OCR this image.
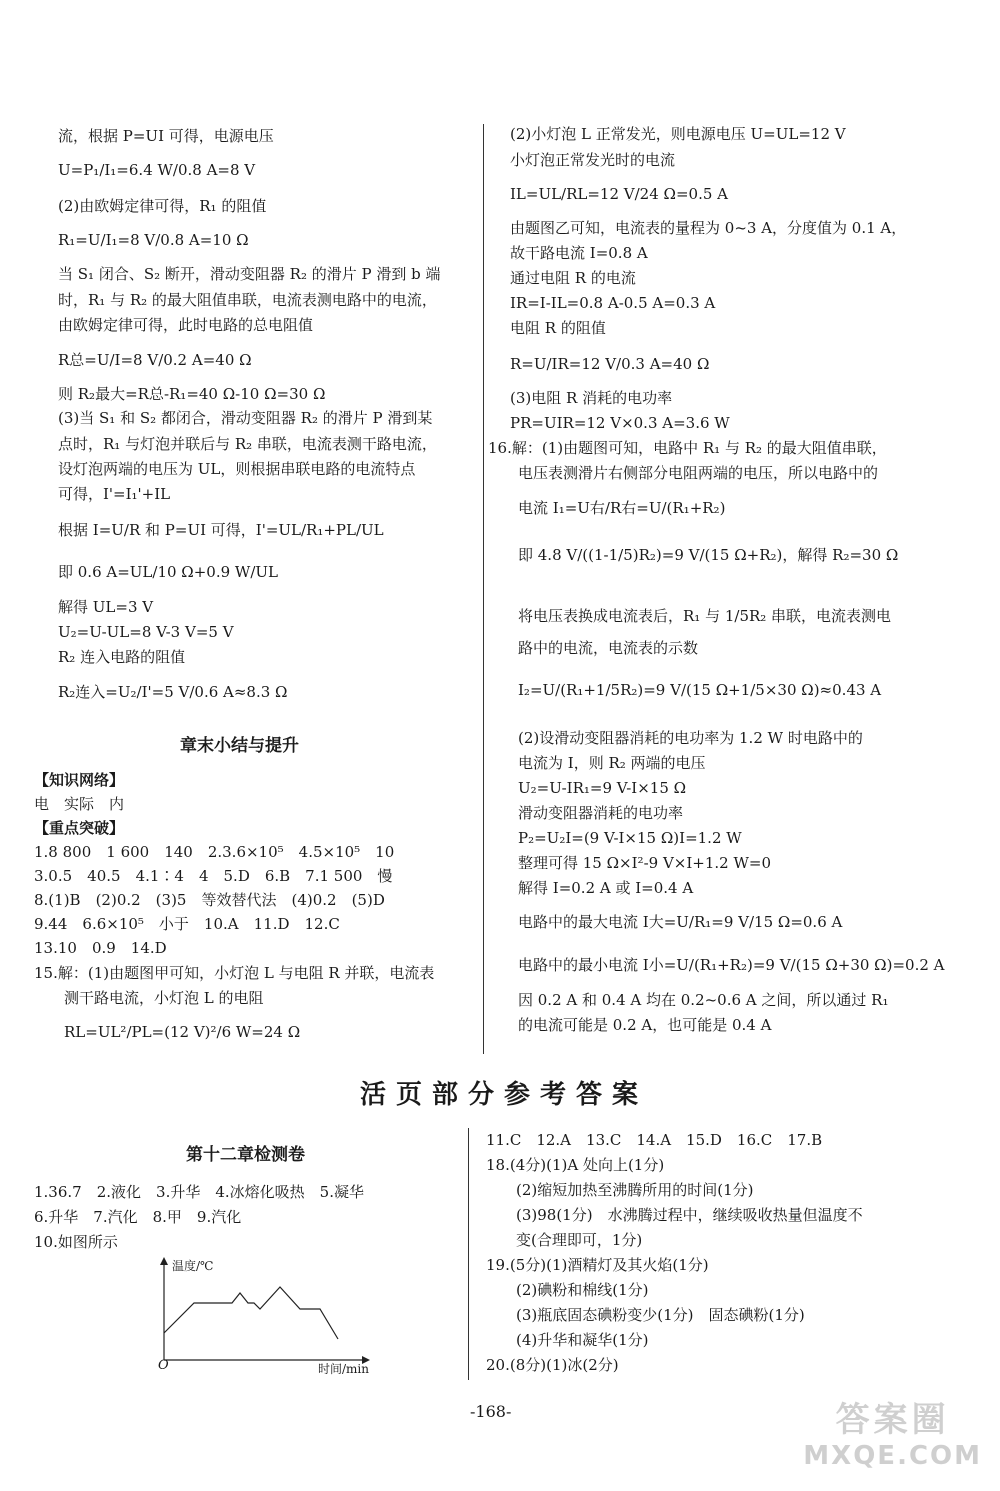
流，根据 P=UI 可得，电源电压
U=P₁/I₁=6.4 W/0.8 A=8 V
(2)由欧姆定律可得，R₁ 的阻值
R₁=U/I₁=8 V/0.8 A=10 Ω
当 S₁ 闭合、S₂ 断开，滑动变阻器 R₂ 的滑片 P 滑到 b 端
时，R₁ 与 R₂ 的最大阻值串联，电流表测电路中的电流，
由欧姆定律可得，此时电路的总电阻值
R总=U/I=8 V/0.2 A=40 Ω
则 R₂最大=R总-R₁=40 Ω-10 Ω=30 Ω
(3)当 S₁ 和 S₂ 都闭合，滑动变阻器 R₂ 的滑片 P 滑到某
点时，R₁ 与灯泡并联后与 R₂ 串联，电流表测干路电流，
设灯泡两端的电压为 UL，则根据串联电路的电流特点
可得，I'=I₁'+IL
根据 I=U/R 和 P=UI 可得，I'=UL/R₁+PL/UL
即 0.6 A=UL/10 Ω+0.9 W/UL
解得 UL=3 V
U₂=U-UL=8 V-3 V=5 V
R₂ 连入电路的阻值
R₂连入=U₂/I'=5 V/0.6 A≈8.3 Ω
章末小结与提升
【知识网络】
电　实际　内
【重点突破】
1.8 800　1 600　140　2.3.6×10⁵　4.5×10⁵　10
3.0.5　40.5　4.1∶4　4　5.D　6.B　7.1 500　慢
8.(1)B　(2)0.2　(3)5　等效替代法　(4)0.2　(5)D
9.44　6.6×10⁵　小于　10.A　11.D　12.C
13.10　0.9　14.D
15.解：(1)由题图甲可知，小灯泡 L 与电阻 R 并联，电流表
　　测干路电流，小灯泡 L 的电阻
　　RL=UL²/PL=(12 V)²/6 W=24 Ω
(2)小灯泡 L 正常发光，则电源电压 U=UL=12 V
小灯泡正常发光时的电流
IL=UL/RL=12 V/24 Ω=0.5 A
由题图乙可知，电流表的量程为 0~3 A，分度值为 0.1 A，
故干路电流 I=0.8 A
通过电阻 R 的电流
IR=I-IL=0.8 A-0.5 A=0.3 A
电阻 R 的阻值
R=U/IR=12 V/0.3 A=40 Ω
(3)电阻 R 消耗的电功率
PR=UIR=12 V×0.3 A=3.6 W
16.解：(1)由题图可知，电路中 R₁ 与 R₂ 的最大阻值串联，
　　电压表测滑片右侧部分电阻两端的电压，所以电路中的
　　电流 I₁=U右/R右=U/(R₁+R₂)
　　即 4.8 V/((1-1/5)R₂)=9 V/(15 Ω+R₂)，解得 R₂=30 Ω
　　将电压表换成电流表后，R₁ 与 1/5R₂ 串联，电流表测电
　　路中的电流，电流表的示数
　　I₂=U/(R₁+1/5R₂)=9 V/(15 Ω+1/5×30 Ω)≈0.43 A
　　(2)设滑动变阻器消耗的电功率为 1.2 W 时电路中的
　　电流为 I，则 R₂ 两端的电压
　　U₂=U-IR₁=9 V-I×15 Ω
　　滑动变阻器消耗的电功率
　　P₂=U₂I=(9 V-I×15 Ω)I=1.2 W
　　整理可得 15 Ω×I²-9 V×I+1.2 W=0
　　解得 I=0.2 A 或 I=0.4 A
　　电路中的最大电流 I大=U/R₁=9 V/15 Ω=0.6 A
　　电路中的最小电流 I小=U/(R₁+R₂)=9 V/(15 Ω+30 Ω)=0.2 A
　　因 0.2 A 和 0.4 A 均在 0.2~0.6 A 之间，所以通过 R₁
　　的电流可能是 0.2 A，也可能是 0.4 A
活页部分参考答案
第十二章检测卷
1.36.7　2.液化　3.升华　4.冰熔化吸热　5.凝华
6.升华　7.汽化　8.甲　9.汽化
10.如图所示
温度/℃
时间/min
O
11.C　12.A　13.C　14.A　15.D　16.C　17.B
18.(4分)(1)A 处向上(1分)
　　(2)缩短加热至沸腾所用的时间(1分)
　　(3)98(1分)　水沸腾过程中，继续吸收热量但温度不
　　变(合理即可，1分)
19.(5分)(1)酒精灯及其火焰(1分)
　　(2)碘粉和棉线(1分)
　　(3)瓶底固态碘粉变少(1分)　固态碘粉(1分)
　　(4)升华和凝华(1分)
20.(8分)(1)冰(2分)
-168-	答案圈
MXQE.COM
